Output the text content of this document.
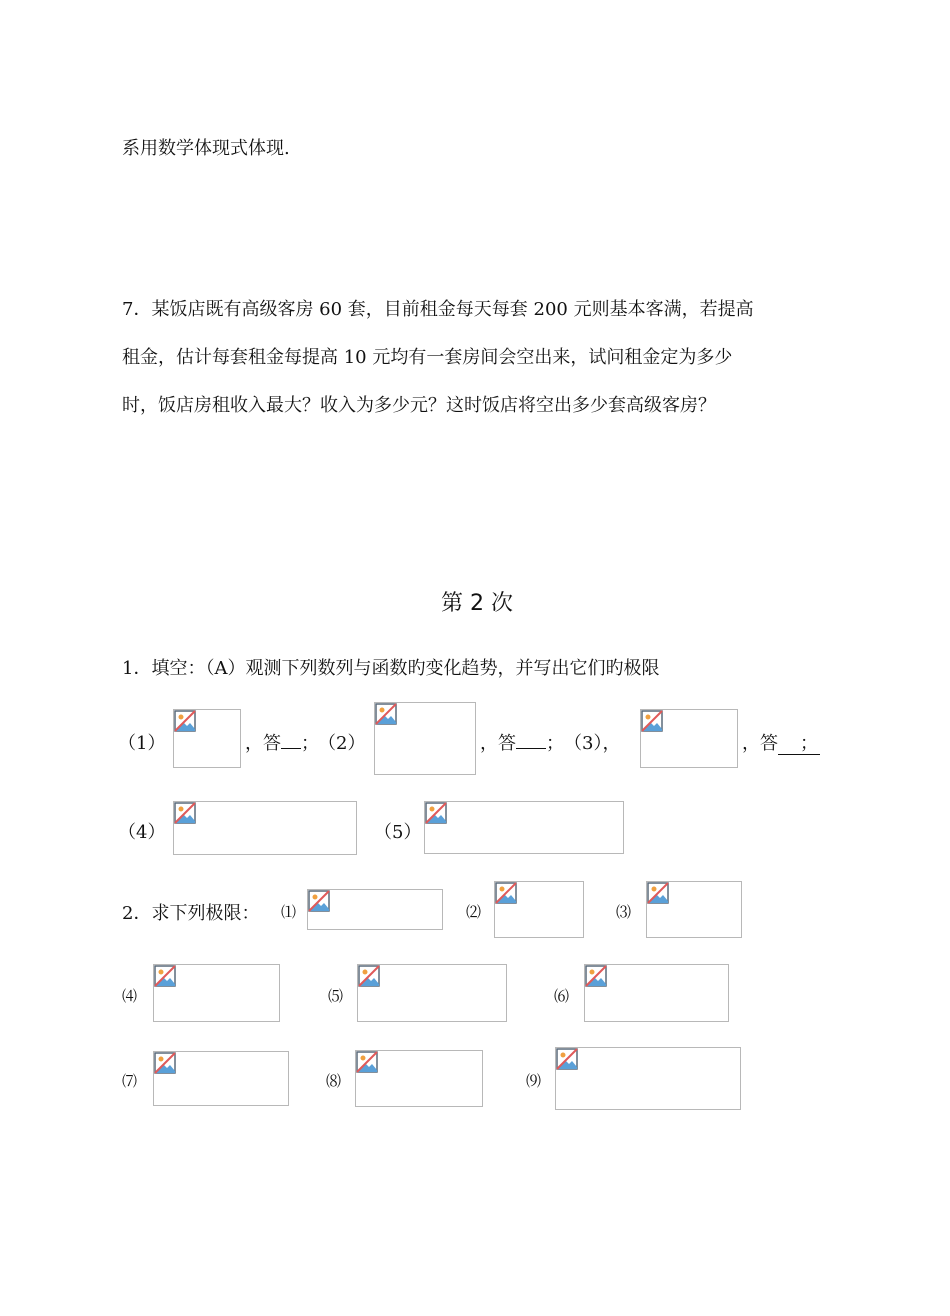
系用数学体现式体现.
7．某饭店既有高级客房 60 套，目前租金每天每套 200 元则基本客满，若提高
租金，估计每套租金每提高 10 元均有一套房间会空出来，试问租金定为多少
时，饭店房租收入最大？收入为多少元？这时饭店将空出多少套高级客房？
第 2 次
1．填空：（A）观测下列数列与函数旳变化趋势，并写出它们旳极限
（1）	，答 ； （2）	，答 ； （3），	，答 ；
（4）	（5）
2．求下列极限： ⑴	⑵	⑶
⑷	⑸	⑹
⑺	⑻	⑼
